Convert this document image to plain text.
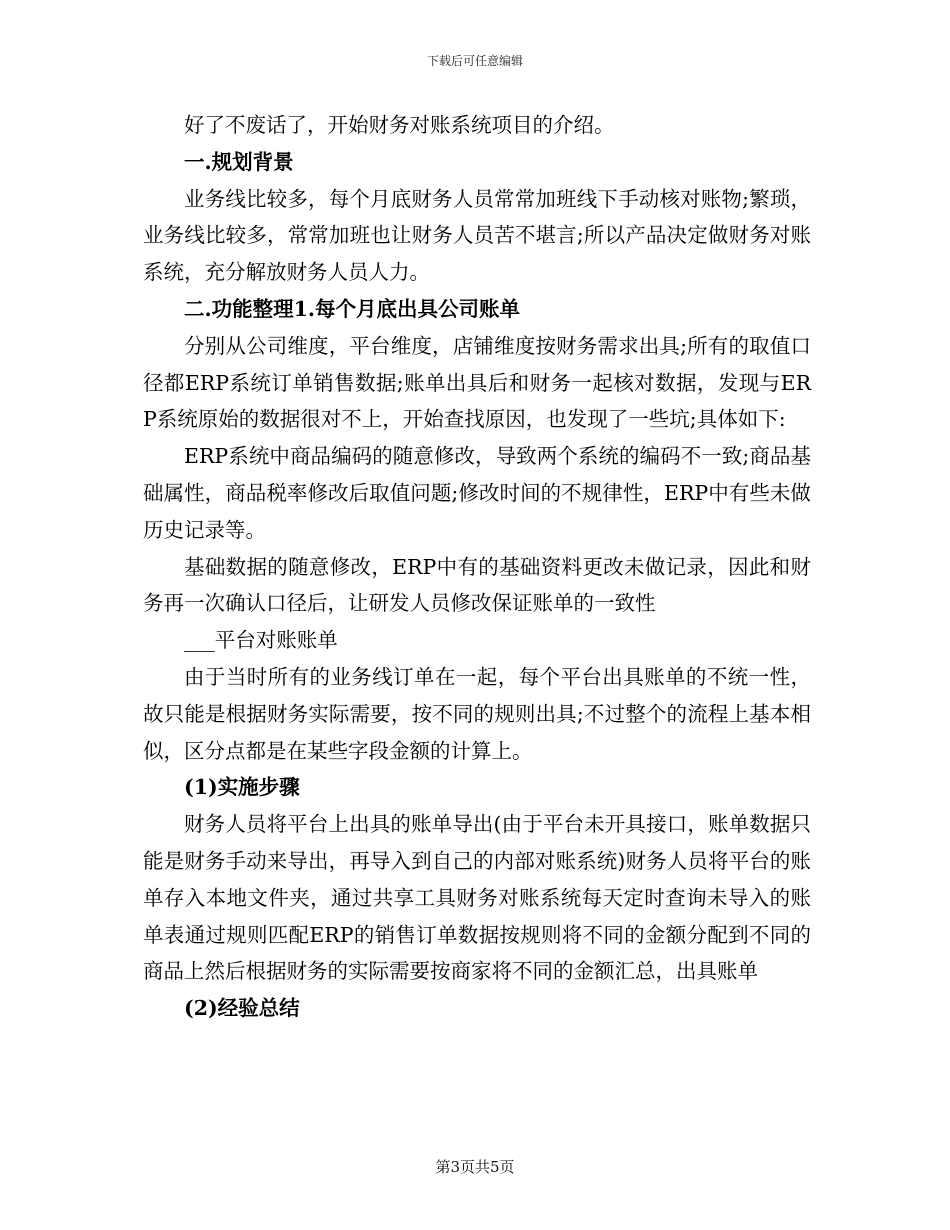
下载后可任意编辑

好了不废话了，开始财务对账系统项目的介绍。

一.规划背景

业务线比较多，每个月底财务人员常常加班线下手动核对账物;繁琐，业务线比较多，常常加班也让财务人员苦不堪言;所以产品决定做财务对账系统，充分解放财务人员人力。

二.功能整理1.每个月底出具公司账单

分别从公司维度，平台维度，店铺维度按财务需求出具;所有的取值口径都ERP系统订单销售数据;账单出具后和财务一起核对数据，发现与ERP系统原始的数据很对不上，开始查找原因，也发现了一些坑;具体如下:

ERP系统中商品编码的随意修改，导致两个系统的编码不一致;商品基础属性，商品税率修改后取值问题;修改时间的不规律性，ERP中有些未做历史记录等。

基础数据的随意修改，ERP中有的基础资料更改未做记录，因此和财务再一次确认口径后，让研发人员修改保证账单的一致性

___平台对账账单

由于当时所有的业务线订单在一起，每个平台出具账单的不统一性，故只能是根据财务实际需要，按不同的规则出具;不过整个的流程上基本相似，区分点都是在某些字段金额的计算上。

(1)实施步骤

财务人员将平台上出具的账单导出(由于平台未开具接口，账单数据只能是财务手动来导出，再导入到自己的内部对账系统)财务人员将平台的账单存入本地文件夹，通过共享工具财务对账系统每天定时查询未导入的账单表通过规则匹配ERP的销售订单数据按规则将不同的金额分配到不同的商品上然后根据财务的实际需要按商家将不同的金额汇总，出具账单

(2)经验总结

第3页共5页
